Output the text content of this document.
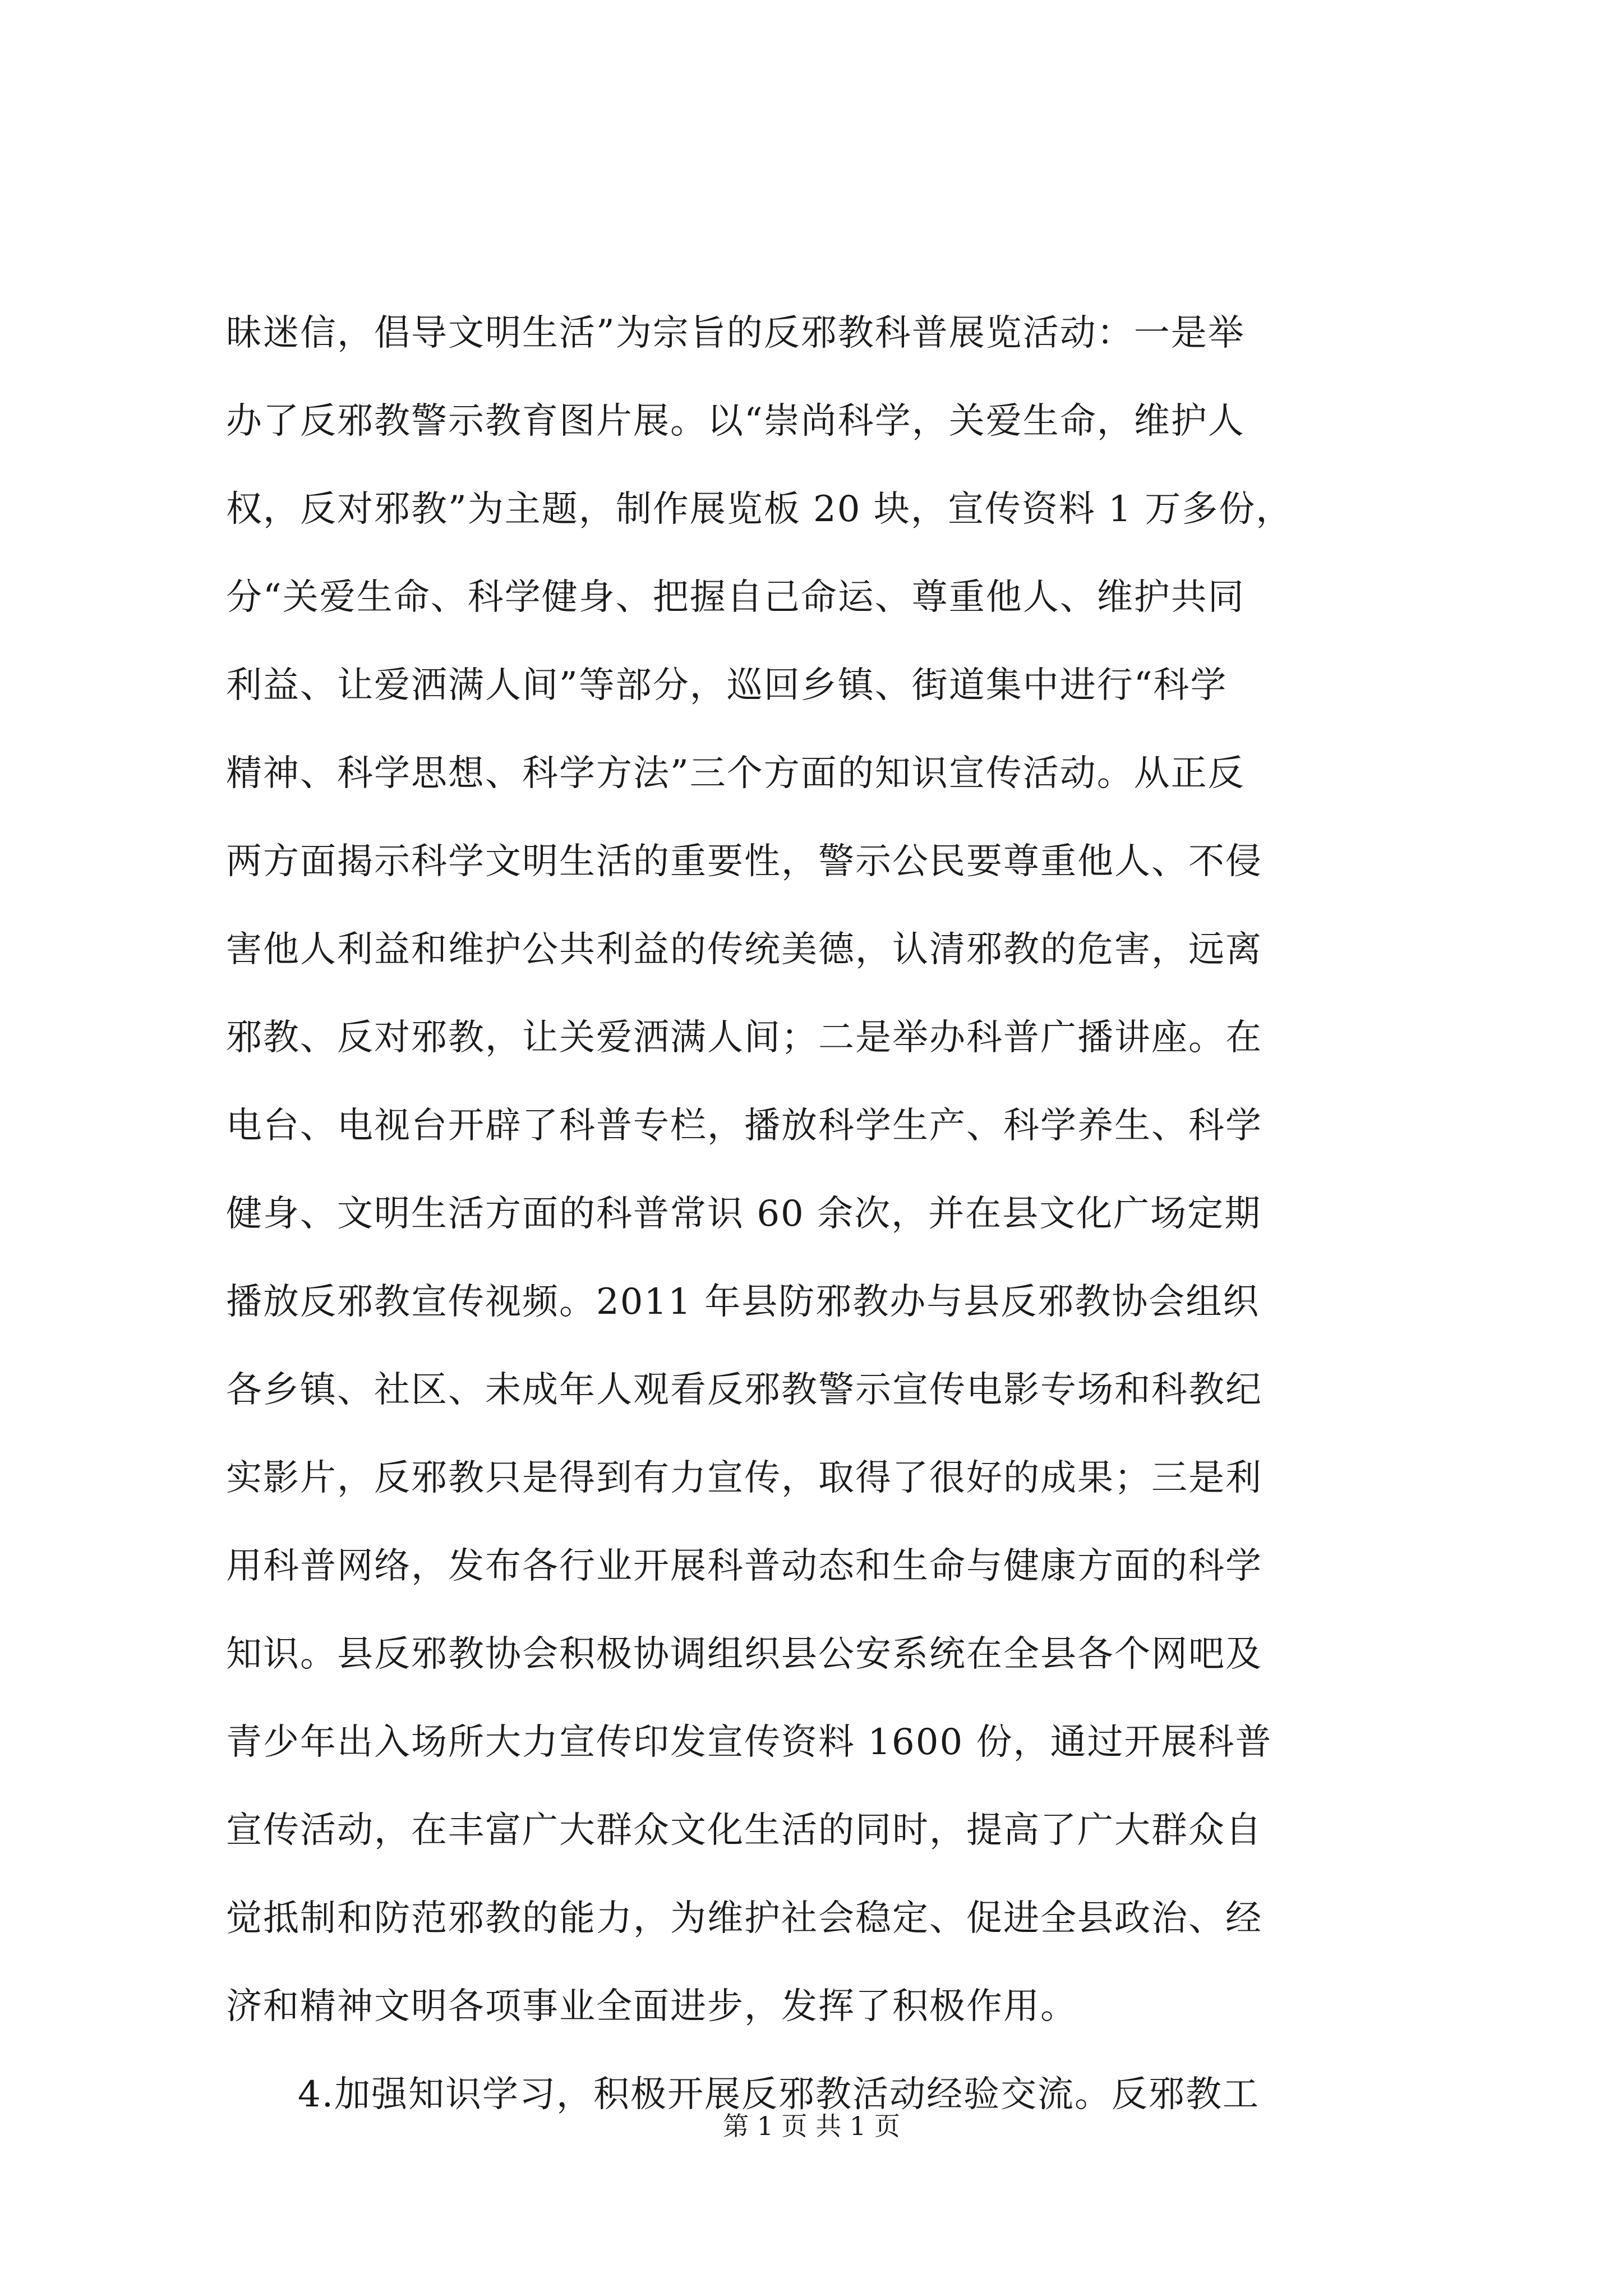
昧迷信，倡导文明生活”为宗旨的反邪教科普展览活动：一是举
办了反邪教警示教育图片展。以“崇尚科学，关爱生命，维护人
权，反对邪教”为主题，制作展览板 20 块，宣传资料 1 万多份，
分“关爱生命、科学健身、把握自己命运、尊重他人、维护共同
利益、让爱洒满人间”等部分，巡回乡镇、街道集中进行“科学
精神、科学思想、科学方法”三个方面的知识宣传活动。从正反
两方面揭示科学文明生活的重要性，警示公民要尊重他人、不侵
害他人利益和维护公共利益的传统美德，认清邪教的危害，远离
邪教、反对邪教，让关爱洒满人间；二是举办科普广播讲座。在
电台、电视台开辟了科普专栏，播放科学生产、科学养生、科学
健身、文明生活方面的科普常识 60 余次，并在县文化广场定期
播放反邪教宣传视频。2011 年县防邪教办与县反邪教协会组织
各乡镇、社区、未成年人观看反邪教警示宣传电影专场和科教纪
实影片，反邪教只是得到有力宣传，取得了很好的成果；三是利
用科普网络，发布各行业开展科普动态和生命与健康方面的科学
知识。县反邪教协会积极协调组织县公安系统在全县各个网吧及
青少年出入场所大力宣传印发宣传资料 1600 份，通过开展科普
宣传活动，在丰富广大群众文化生活的同时，提高了广大群众自
觉抵制和防范邪教的能力，为维护社会稳定、促进全县政治、经
济和精神文明各项事业全面进步，发挥了积极作用。
4.加强知识学习，积极开展反邪教活动经验交流。反邪教工
第 1 页 共 1 页
